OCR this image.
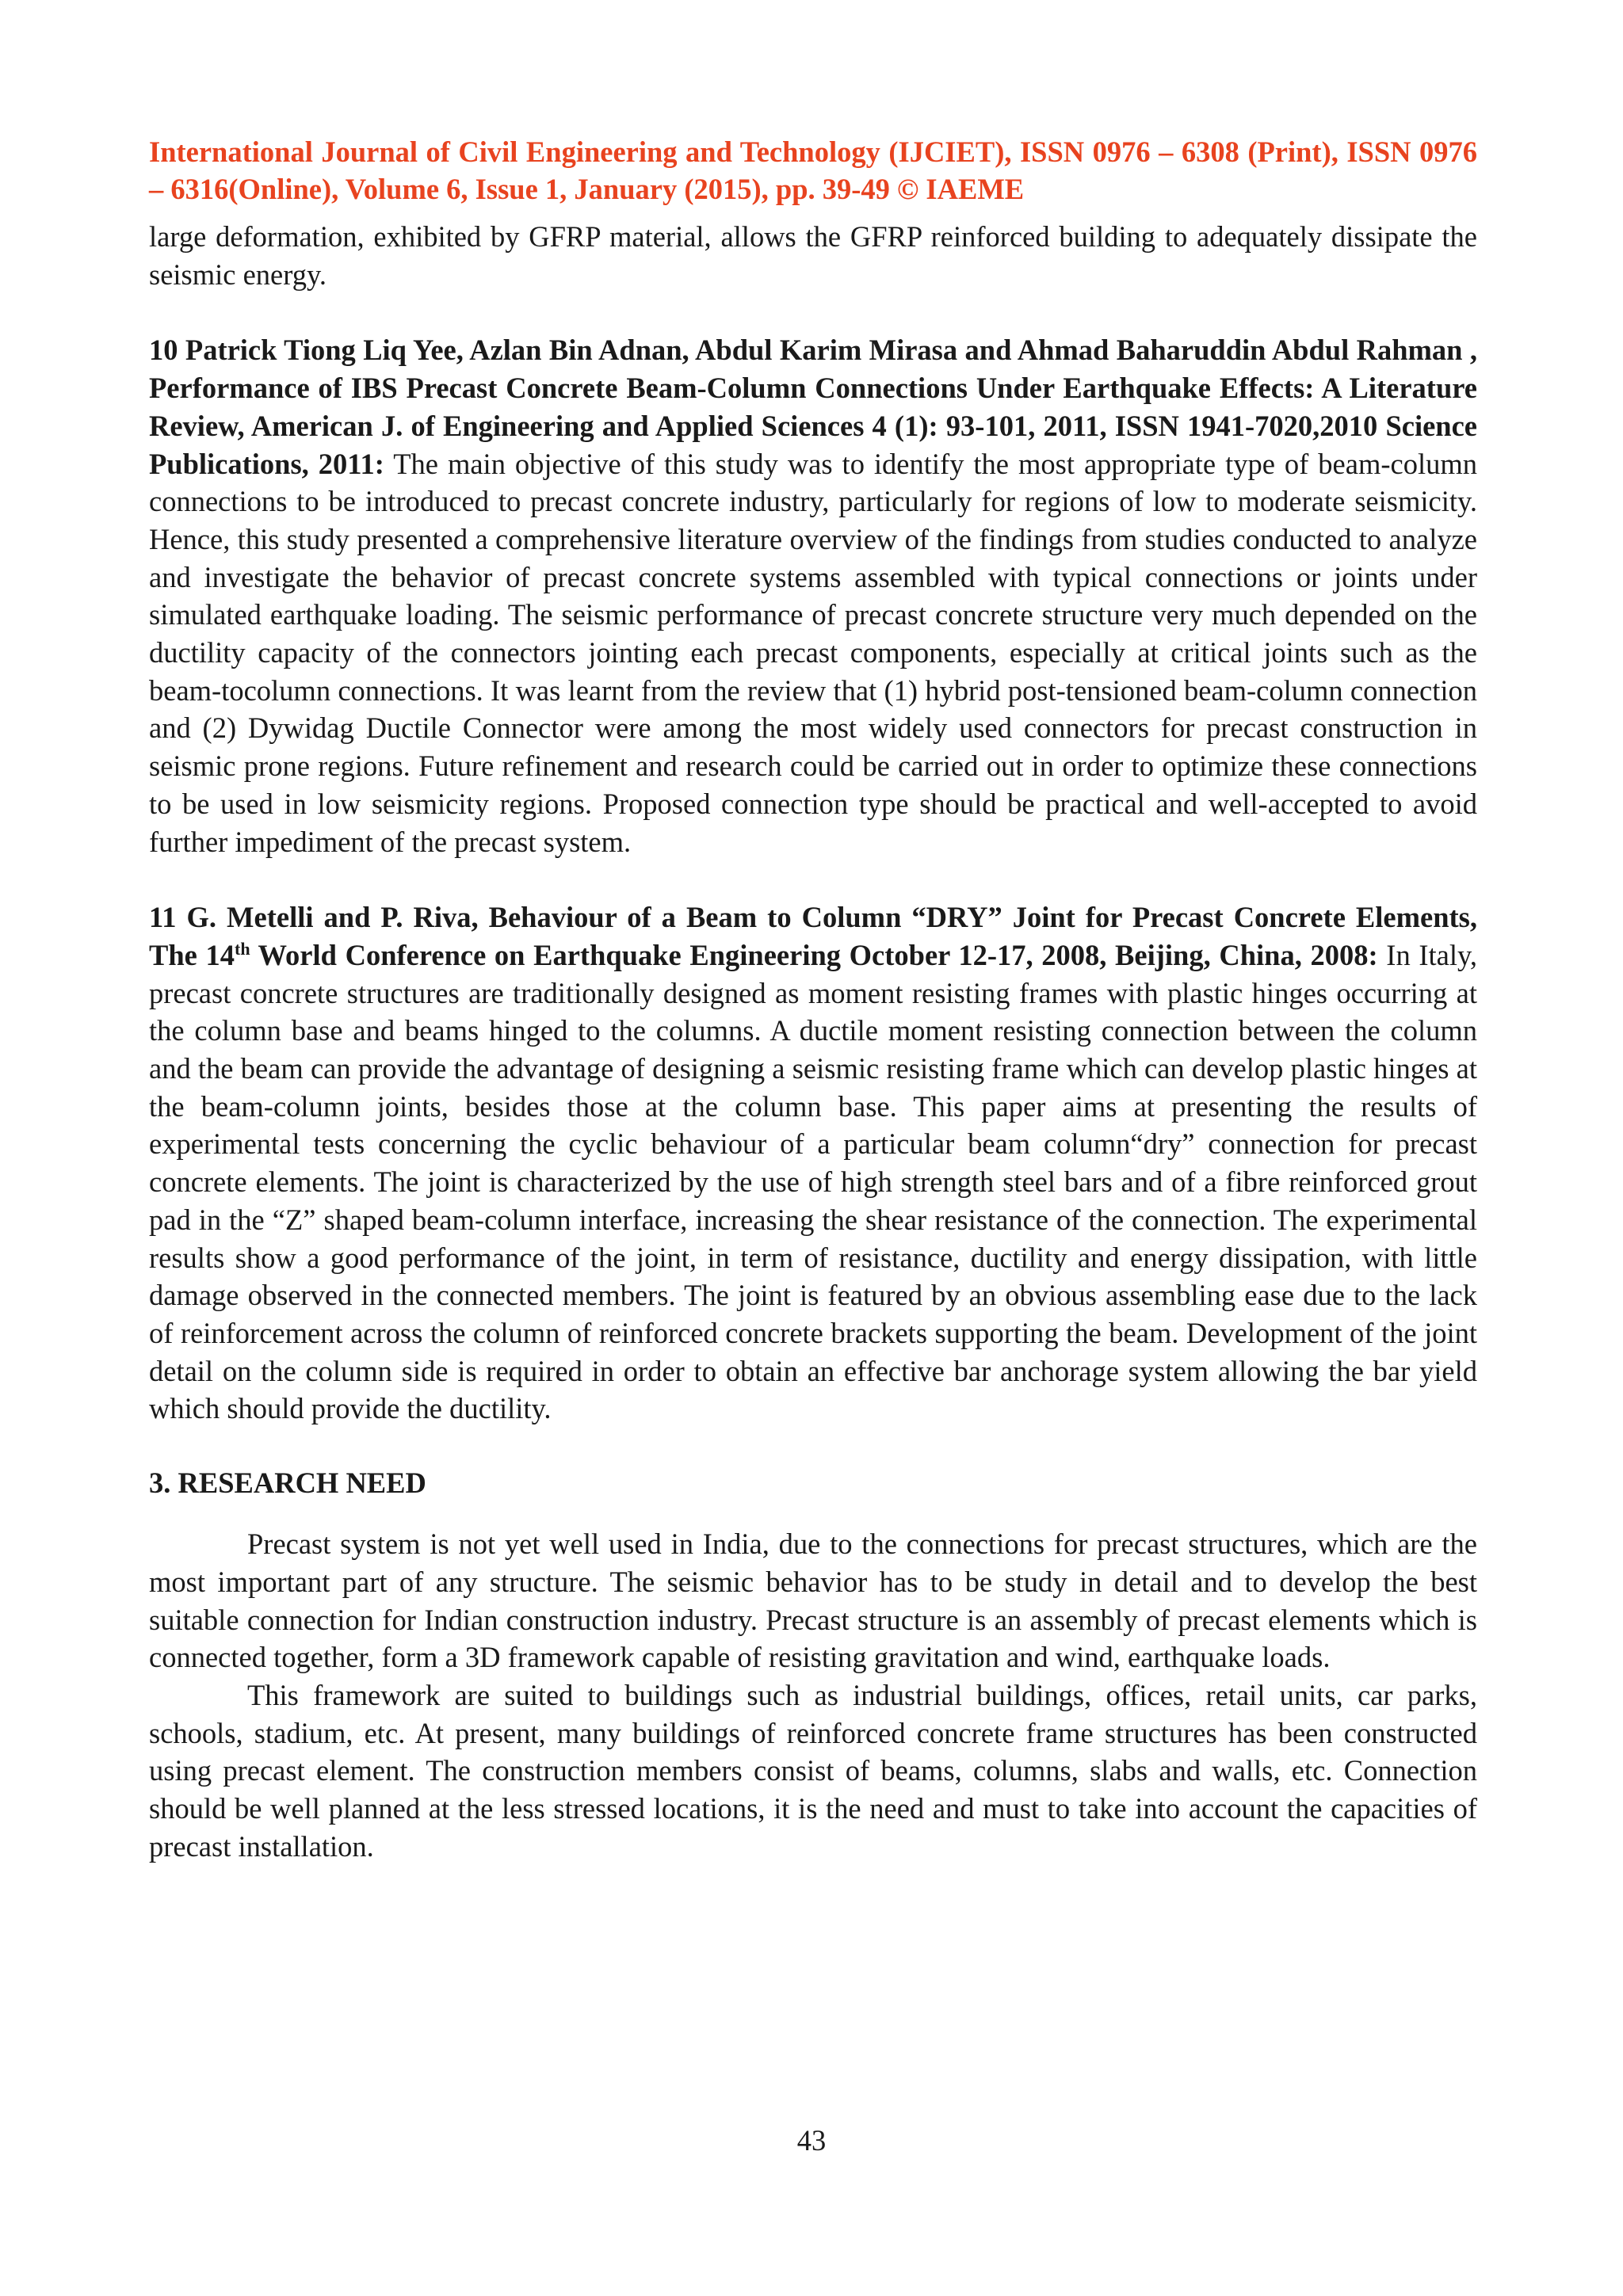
International Journal of Civil Engineering and Technology (IJCIET), ISSN 0976 – 6308 (Print), ISSN 0976 – 6316(Online), Volume 6, Issue 1, January (2015), pp. 39-49 © IAEME

large deformation, exhibited by GFRP material, allows the GFRP reinforced building to adequately dissipate the seismic energy.

10 Patrick Tiong Liq Yee, Azlan Bin Adnan, Abdul Karim Mirasa and Ahmad Baharuddin Abdul Rahman , Performance of IBS Precast Concrete Beam-Column Connections Under Earthquake Effects: A Literature Review, American J. of Engineering and Applied Sciences 4 (1): 93-101, 2011, ISSN 1941-7020,2010 Science Publications, 2011: The main objective of this study was to identify the most appropriate type of beam-column connections to be introduced to precast concrete industry, particularly for regions of low to moderate seismicity. Hence, this study presented a comprehensive literature overview of the findings from studies conducted to analyze and investigate the behavior of precast concrete systems assembled with typical connections or joints under simulated earthquake loading. The seismic performance of precast concrete structure very much depended on the ductility capacity of the connectors jointing each precast components, especially at critical joints such as the beam-tocolumn connections. It was learnt from the review that (1) hybrid post-tensioned beam-column connection and (2) Dywidag Ductile Connector were among the most widely used connectors for precast construction in seismic prone regions. Future refinement and research could be carried out in order to optimize these connections to be used in low seismicity regions. Proposed connection type should be practical and well-accepted to avoid further impediment of the precast system.

11 G. Metelli and P. Riva, Behaviour of a Beam to Column “DRY” Joint for Precast Concrete Elements, The 14th World Conference on Earthquake Engineering October 12-17, 2008, Beijing, China, 2008: In Italy, precast concrete structures are traditionally designed as moment resisting frames with plastic hinges occurring at the column base and beams hinged to the columns. A ductile moment resisting connection between the column and the beam can provide the advantage of designing a seismic resisting frame which can develop plastic hinges at the beam-column joints, besides those at the column base. This paper aims at presenting the results of experimental tests concerning the cyclic behaviour of a particular beam column“dry” connection for precast concrete elements. The joint is characterized by the use of high strength steel bars and of a fibre reinforced grout pad in the “Z” shaped beam-column interface, increasing the shear resistance of the connection. The experimental results show a good performance of the joint, in term of resistance, ductility and energy dissipation, with little damage observed in the connected members. The joint is featured by an obvious assembling ease due to the lack of reinforcement across the column of reinforced concrete brackets supporting the beam. Development of the joint detail on the column side is required in order to obtain an effective bar anchorage system allowing the bar yield which should provide the ductility.

3. RESEARCH NEED

Precast system is not yet well used in India, due to the connections for precast structures, which are the most important part of any structure. The seismic behavior has to be study in detail and to develop the best suitable connection for Indian construction industry. Precast structure is an assembly of precast elements which is connected together, form a 3D framework capable of resisting gravitation and wind, earthquake loads.

This framework are suited to buildings such as industrial buildings, offices, retail units, car parks, schools, stadium, etc. At present, many buildings of reinforced concrete frame structures has been constructed using precast element. The construction members consist of beams, columns, slabs and walls, etc. Connection should be well planned at the less stressed locations, it is the need and must to take into account the capacities of precast installation.

43
